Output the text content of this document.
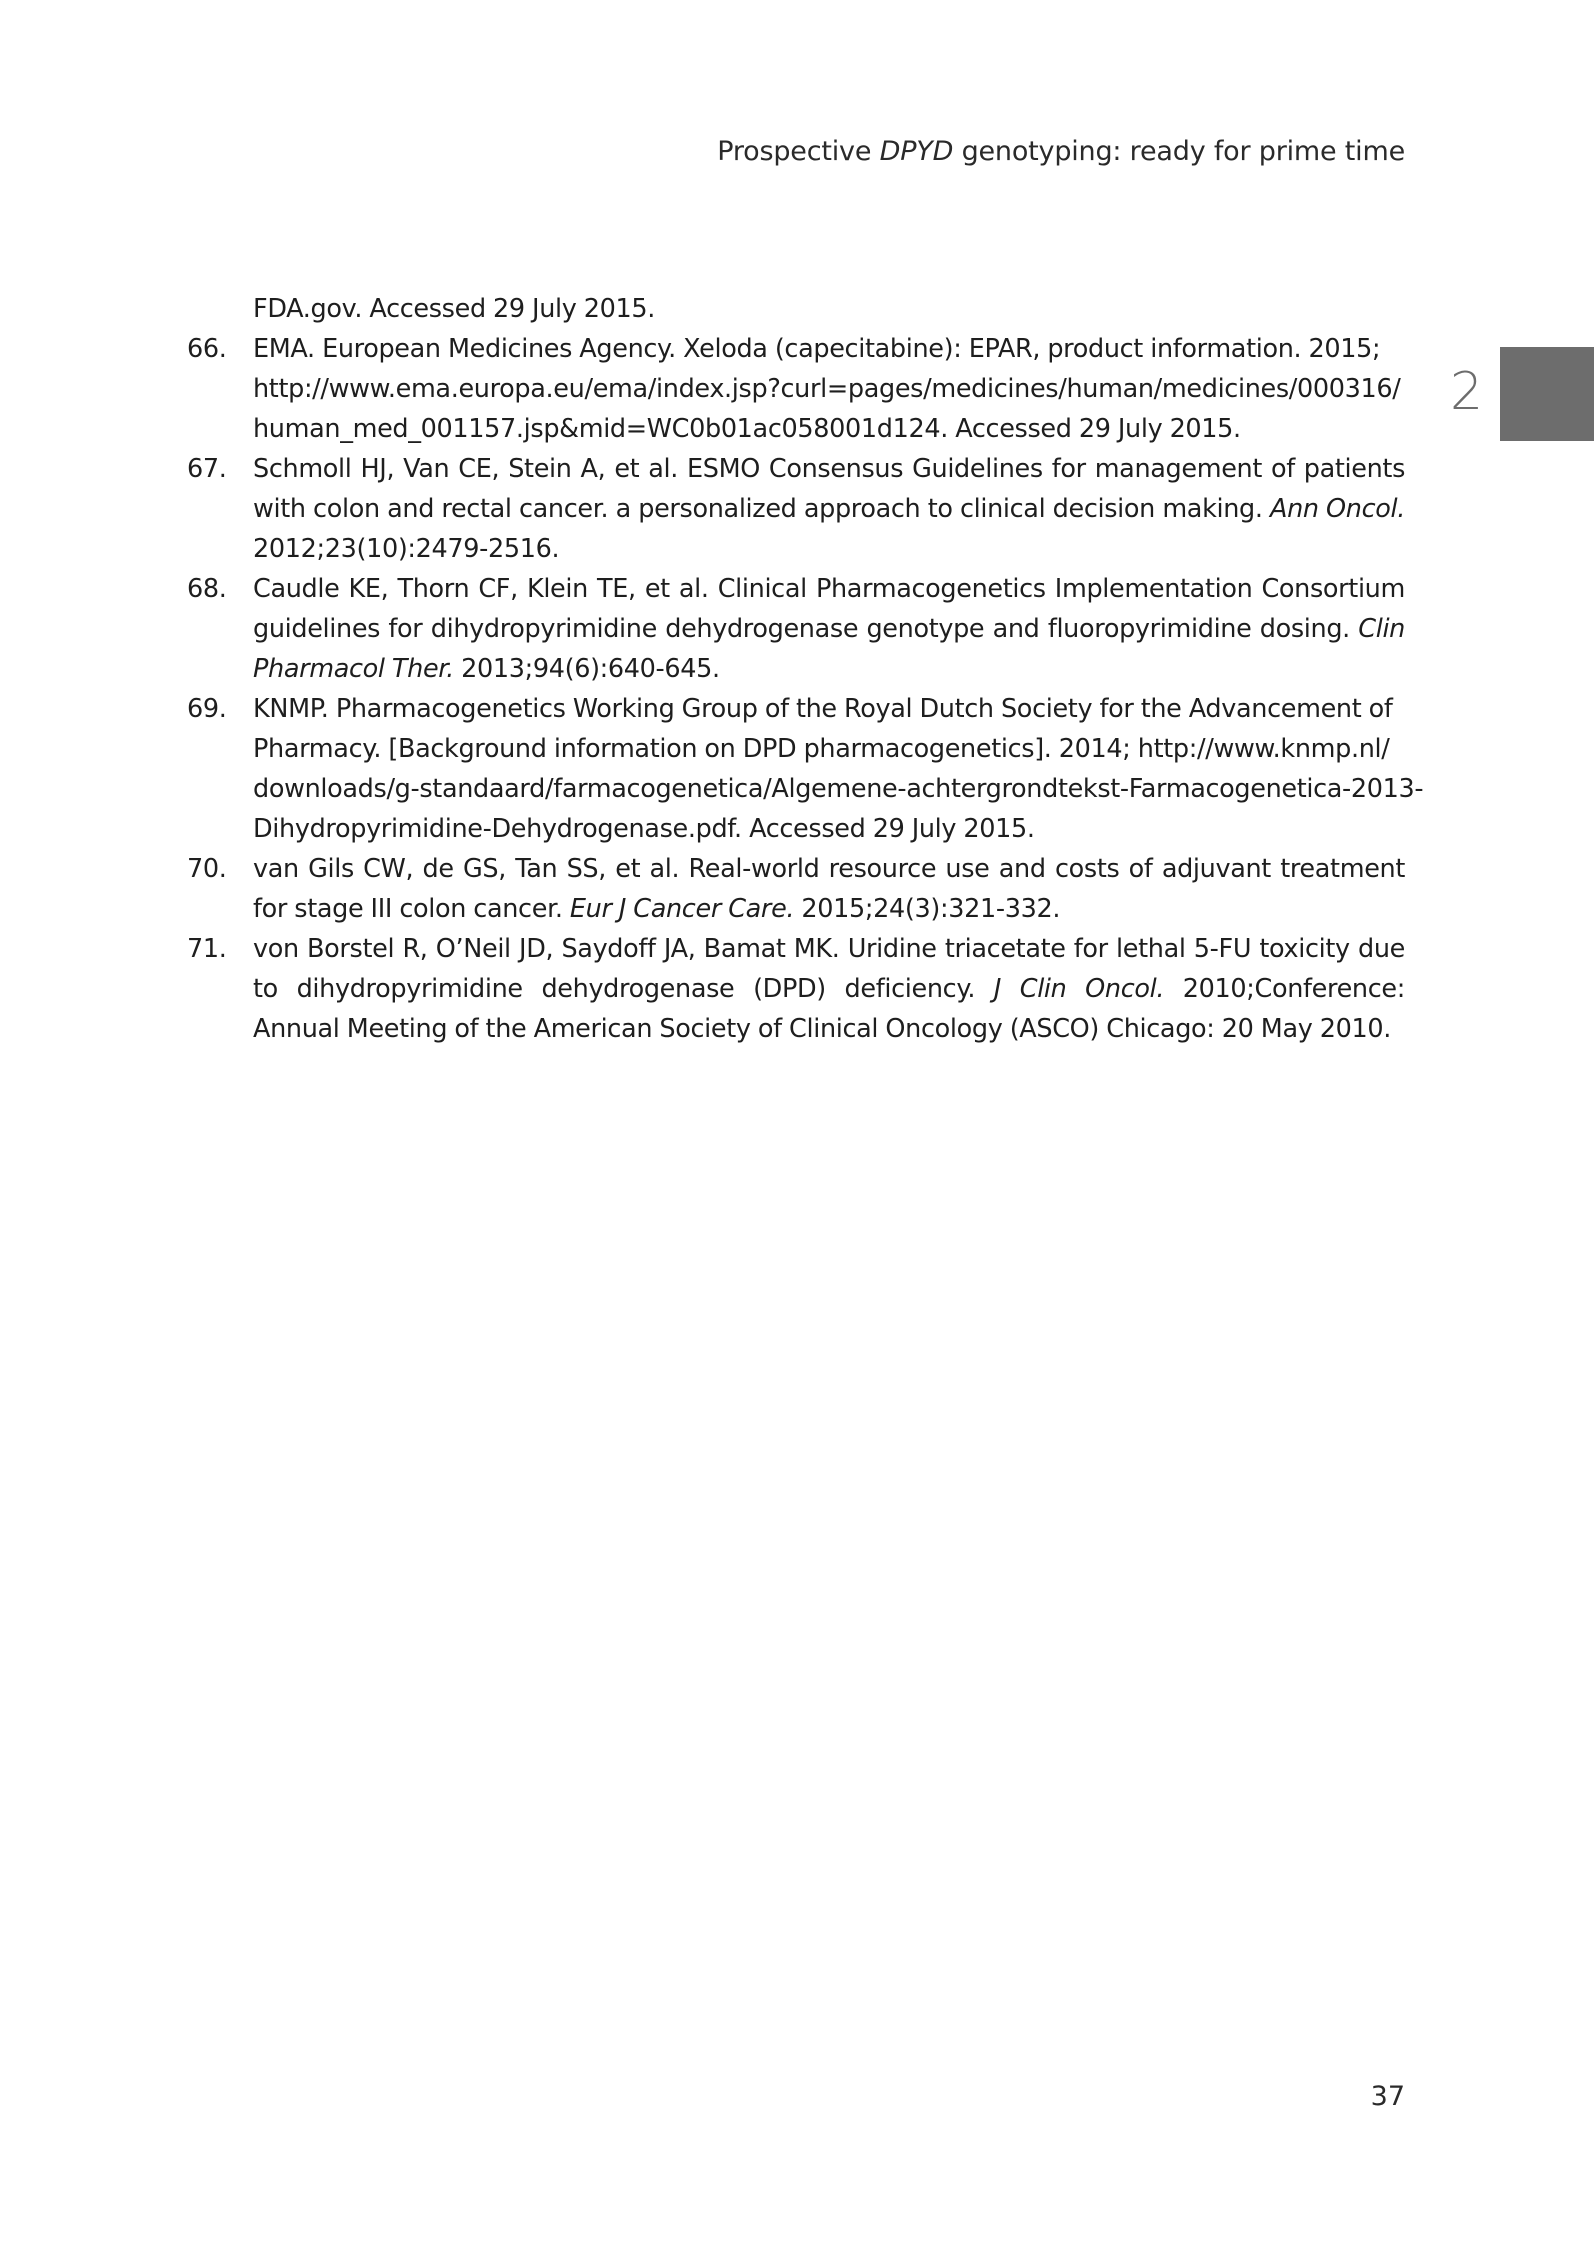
Prospective DPYD genotyping: ready for prime time
2
FDA.gov. Accessed 29 July 2015.
66. EMA. European Medicines Agency. Xeloda (capecitabine): EPAR, product information. 2015;
http://www.ema.europa.eu/ema/index.jsp?curl=pages/medicines/human/medicines/000316/
human_med_001157.jsp&mid=WC0b01ac058001d124. Accessed 29 July 2015.
67. Schmoll HJ, Van CE, Stein A, et al. ESMO Consensus Guidelines for management of patients with colon and rectal cancer. a personalized approach to clinical decision making. Ann Oncol. 2012;23(10):2479-2516.
68. Caudle KE, Thorn CF, Klein TE, et al. Clinical Pharmacogenetics Implementation Consortium guidelines for dihydropyrimidine dehydrogenase genotype and fluoropyrimidine dosing. Clin Pharmacol Ther. 2013;94(6):640-645.
69. KNMP. Pharmacogenetics Working Group of the Royal Dutch Society for the Advancement of
Pharmacy. [Background information on DPD pharmacogenetics]. 2014; http://www.knmp.nl/
downloads/g-standaard/farmacogenetica/Algemene-achtergrondtekst-Farmacogenetica-2013-
Dihydropyrimidine-Dehydrogenase.pdf. Accessed 29 July 2015.
70. van Gils CW, de GS, Tan SS, et al. Real-world resource use and costs of adjuvant treatment for stage III colon cancer. Eur J Cancer Care. 2015;24(3):321-332.
71. von Borstel R, O’Neil JD, Saydoff JA, Bamat MK. Uridine triacetate for lethal 5-FU toxicity due to dihydropyrimidine dehydrogenase (DPD) deficiency. J Clin Oncol. 2010;Conference: Annual Meeting of the American Society of Clinical Oncology (ASCO) Chicago: 20 May 2010.
37
